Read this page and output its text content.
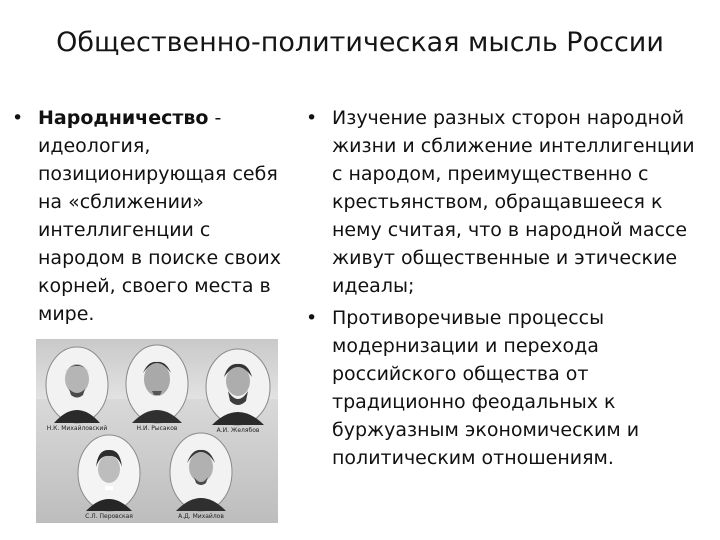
Общественно-политическая мысль России

• Народничество - идеология, позиционирующая себя на «сближении» интеллигенции с народом в поиске своих корней, своего места в мире.

• Изучение разных сторон народной жизни и сближение интеллигенции с народом, преимущественно с крестьянством, обращавшееся к нему считая, что в народной массе живут общественные и этические идеалы;

• Противоречивые процессы модернизации и перехода российского общества от традиционно феодальных к буржуазным экономическим и политическим отношениям.

Н.К. Михайловский	Н.И. Рысаков	А.И. Желябов
С.Л. Перовская	А.Д. Михайлов
